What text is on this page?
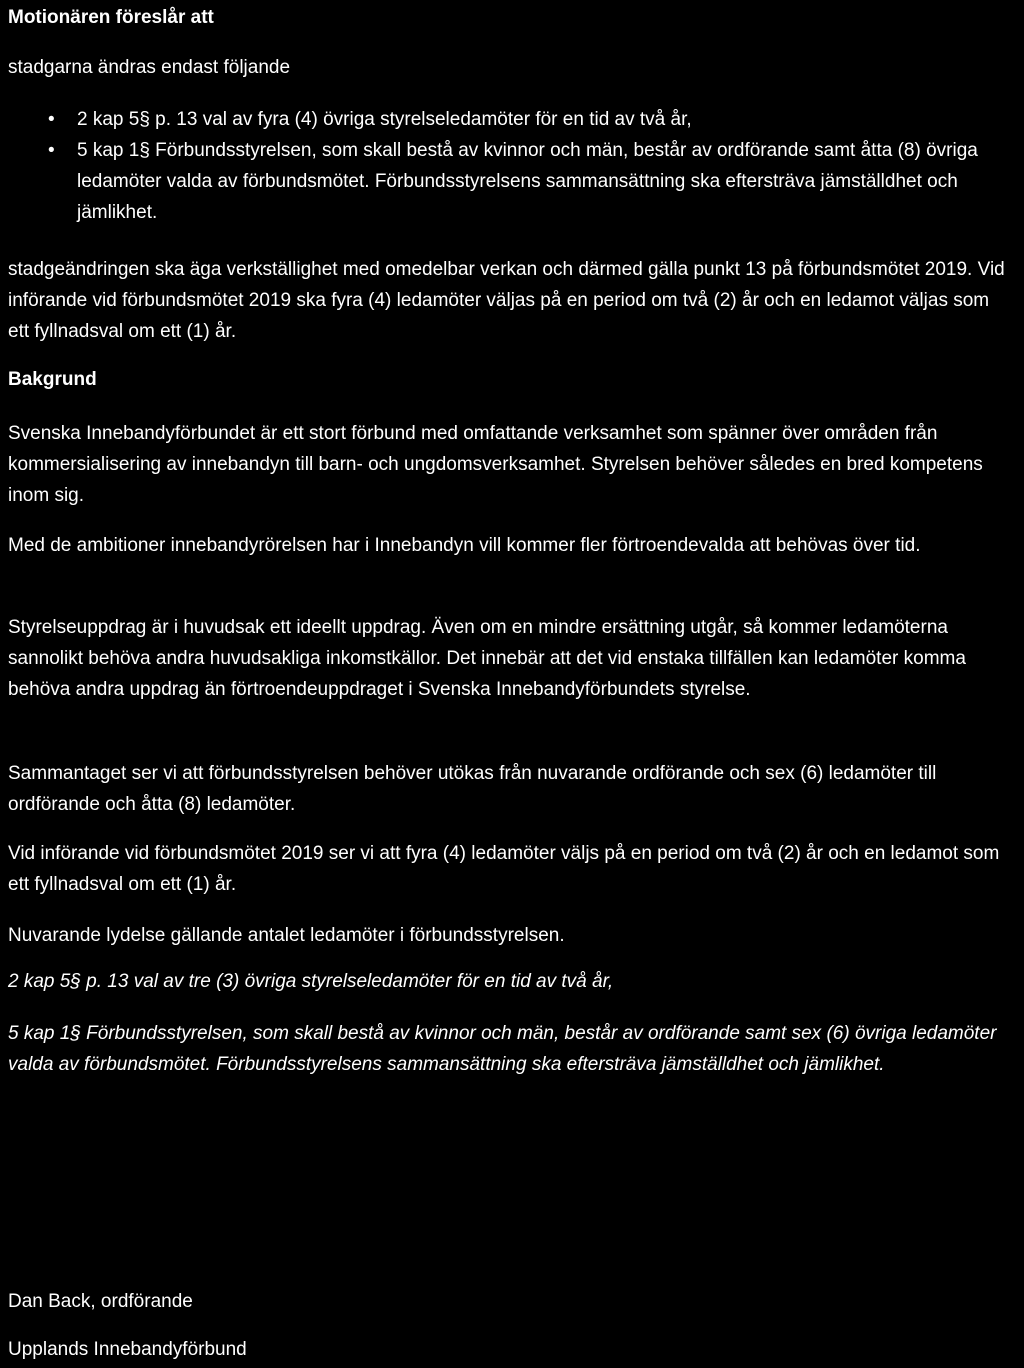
Motionären föreslår att

stadgarna ändras endast följande

• 2 kap 5§ p. 13 val av fyra (4) övriga styrelseledamöter för en tid av två år,
• 5 kap 1§ Förbundsstyrelsen, som skall bestå av kvinnor och män, består av ordförande samt åtta (8) övriga ledamöter valda av förbundsmötet. Förbundsstyrelsens sammansättning ska eftersträva jämställdhet och jämlikhet.

stadgeändringen ska äga verkställighet med omedelbar verkan och därmed gälla punkt 13 på förbundsmötet 2019. Vid införande vid förbundsmötet 2019 ska fyra (4) ledamöter väljas på en period om två (2) år och en ledamot väljas som ett fyllnadsval om ett (1) år.

Bakgrund

Svenska Innebandyförbundet är ett stort förbund med omfattande verksamhet som spänner över områden från kommersialisering av innebandyn till barn- och ungdomsverksamhet. Styrelsen behöver således en bred kompetens inom sig.

Med de ambitioner innebandyrörelsen har i Innebandyn vill kommer fler förtroendevalda att behövas över tid.

Styrelseuppdrag är i huvudsak ett ideellt uppdrag. Även om en mindre ersättning utgår, så kommer ledamöterna sannolikt behöva andra huvudsakliga inkomstkällor. Det innebär att det vid enstaka tillfällen kan ledamöter komma behöva andra uppdrag än förtroendeuppdraget i Svenska Innebandyförbundets styrelse.

Sammantaget ser vi att förbundsstyrelsen behöver utökas från nuvarande ordförande och sex (6) ledamöter till ordförande och åtta (8) ledamöter.

Vid införande vid förbundsmötet 2019 ser vi att fyra (4) ledamöter väljs på en period om två (2) år och en ledamot som ett fyllnadsval om ett (1) år.

Nuvarande lydelse gällande antalet ledamöter i förbundsstyrelsen.

2 kap 5§ p. 13 val av tre (3) övriga styrelseledamöter för en tid av två år,

5 kap 1§ Förbundsstyrelsen, som skall bestå av kvinnor och män, består av ordförande samt sex (6) övriga ledamöter valda av förbundsmötet. Förbundsstyrelsens sammansättning ska eftersträva jämställdhet och jämlikhet.

Dan Back, ordförande

Upplands Innebandyförbund
